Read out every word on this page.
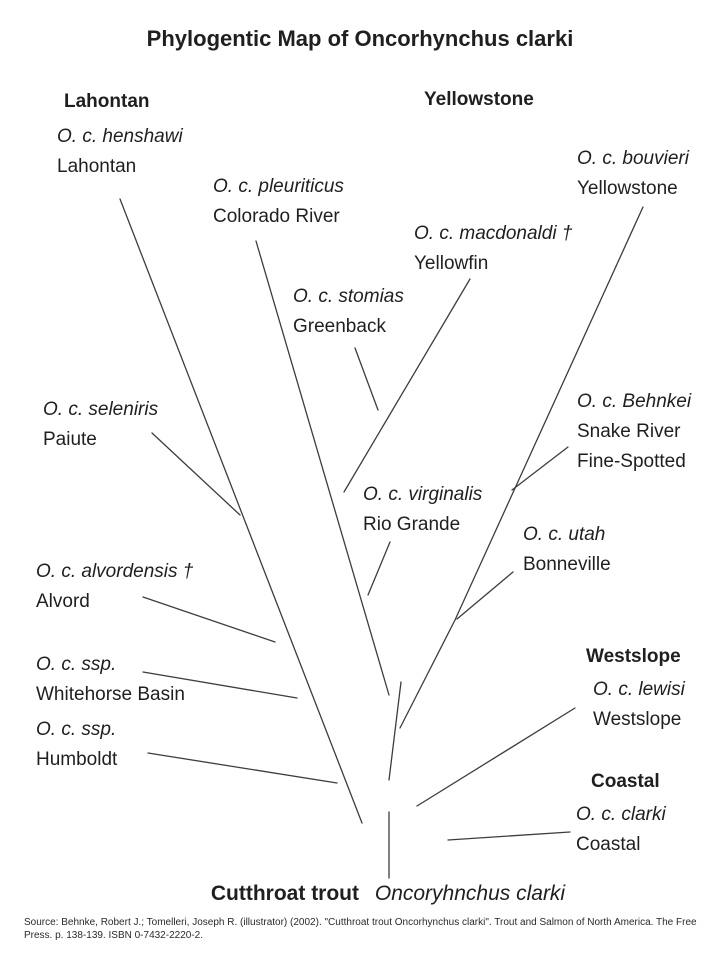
Phylogentic Map of Oncorhynchus clarki
Lahontan	Yellowstone
Westslope
Coastal
O. c. henshawi
Lahontan
O. c. pleuriticus
Colorado River
O. c. bouvieri
Yellowstone
O. c. macdonaldi †
Yellowfin
O. c. stomias
Greenback
O. c. seleniris
Paiute
O. c. Behnkei
Snake River
Fine-Spotted
O. c. virginalis
Rio Grande	O. c. utah
Bonneville
O. c. alvordensis †
Alvord
O. c. ssp.
Whitehorse Basin	O. c. lewisi
Westslope
O. c. ssp.
Humboldt
O. c. clarki
Coastal
Cutthroat trout Oncoryhnchus clarki
Source: Behnke, Robert J.; Tomelleri, Joseph R. (illustrator) (2002). "Cutthroat trout Oncorhynchus clarki". Trout and Salmon of North America. The Free
Press. p. 138-139. ISBN 0-7432-2220-2.
